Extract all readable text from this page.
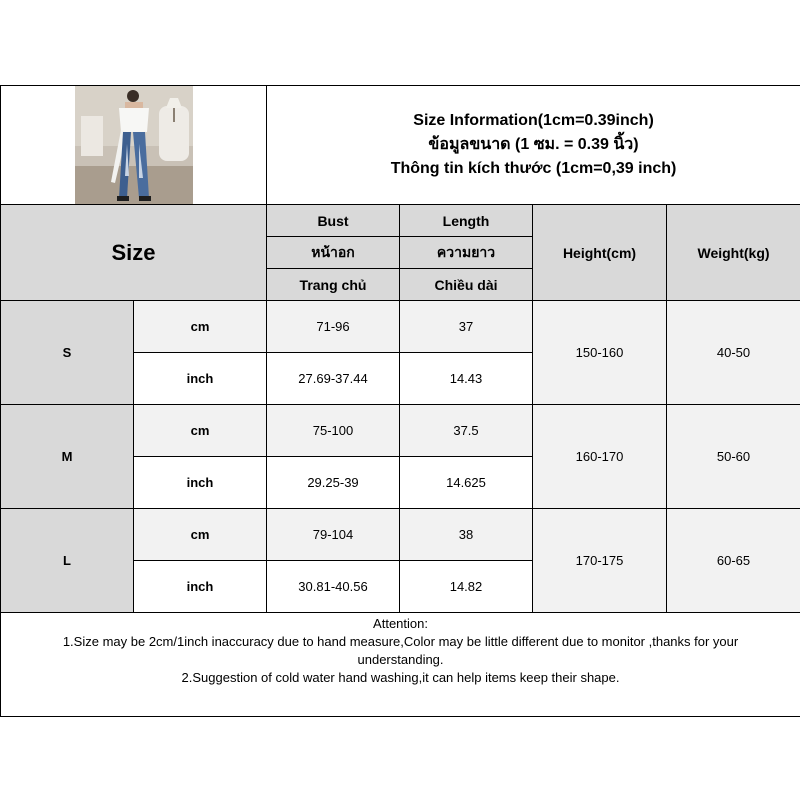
Size Information(1cm=0.39inch)
ข้อมูลขนาด (1 ซม. = 0.39 นิ้ว)
Thông tin kích thước (1cm=0,39 inch)			

Size		Bust	Length	Height(cm)	Weight(kg)
		หน้าอก	ความยาว		
		Trang chủ	Chiều dài		
S	cm	71-96	37	150-160	40-50
	inch	27.69-37.44	14.43		
M	cm	75-100	37.5	160-170	50-60
	inch	29.25-39	14.625		
L	cm	79-104	38	170-175	60-65
	inch	30.81-40.56	14.82		

Attention:
1.Size may be 2cm/1inch inaccuracy due to hand measure,Color may be little different due to monitor ,thanks for your understanding.
2.Suggestion of cold water hand washing,it can help items keep their shape.					
